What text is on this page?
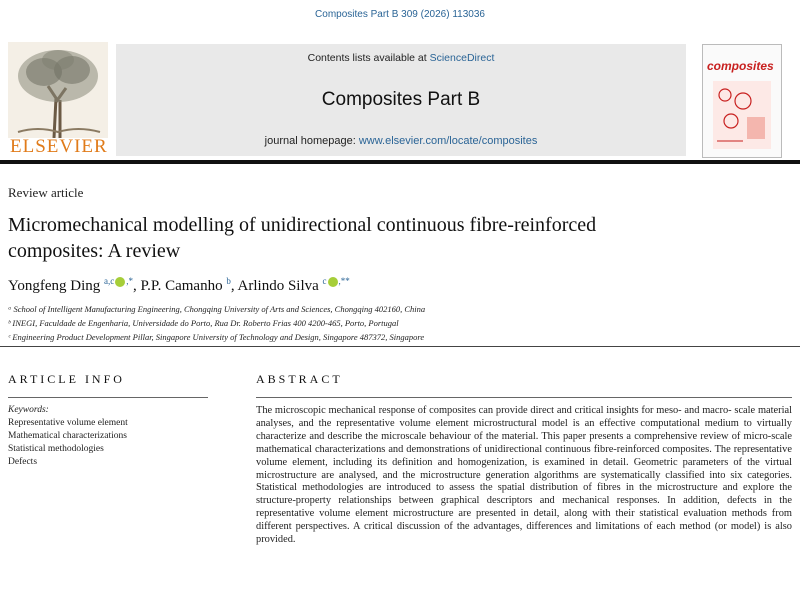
Composites Part B 309 (2026) 113036
ELSEVIER
Contents lists available at ScienceDirect
Composites Part B
journal homepage: www.elsevier.com/locate/composites
composites
Review article
Micromechanical modelling of unidirectional continuous fibre-reinforced
composites: A review
Yongfeng Ding $^{a,c}$ ,*, P.P. Camanho $^b$, Arlindo Silva $^c$ ,**
ᵃ School of Intelligent Manufacturing Engineering, Chongqing University of Arts and Sciences, Chongqing 402160, China
ᵇ INEGI, Faculdade de Engenharia, Universidade do Porto, Rua Dr. Roberto Frias 400 4200-465, Porto, Portugal
ᶜ Engineering Product Development Pillar, Singapore University of Technology and Design, Singapore 487372, Singapore
ARTICLE INFO
Keywords:
Representative volume element
Mathematical characterizations
Statistical methodologies
Defects
ABSTRACT
The microscopic mechanical response of composites can provide direct and critical insights for meso- and macro- scale material analyses, and the representative volume element microstructural model is an effective computational medium to virtually characterize and describe the microscale behaviour of the material. This paper presents a comprehensive review of micro-scale mathematical characterizations and demonstrations of unidirectional continuous fibre-reinforced composites. The representative volume element, including its definition and homogenization, is examined in detail. Geometric parameters of the virtual microstructure are analysed, and the microstructure generation algorithms are systematically classified into six categories. Statistical methodologies are introduced to assess the spatial distribution of fibres in the microstructure and explore the structure-property relationships between graphical descriptors and mechanical responses. In addition, defects in the representative volume element microstructure are presented in detail, along with their statistical evaluation methods from different perspectives. A critical discussion of the advantages, differences and limitations of each method (or model) is also provided.
